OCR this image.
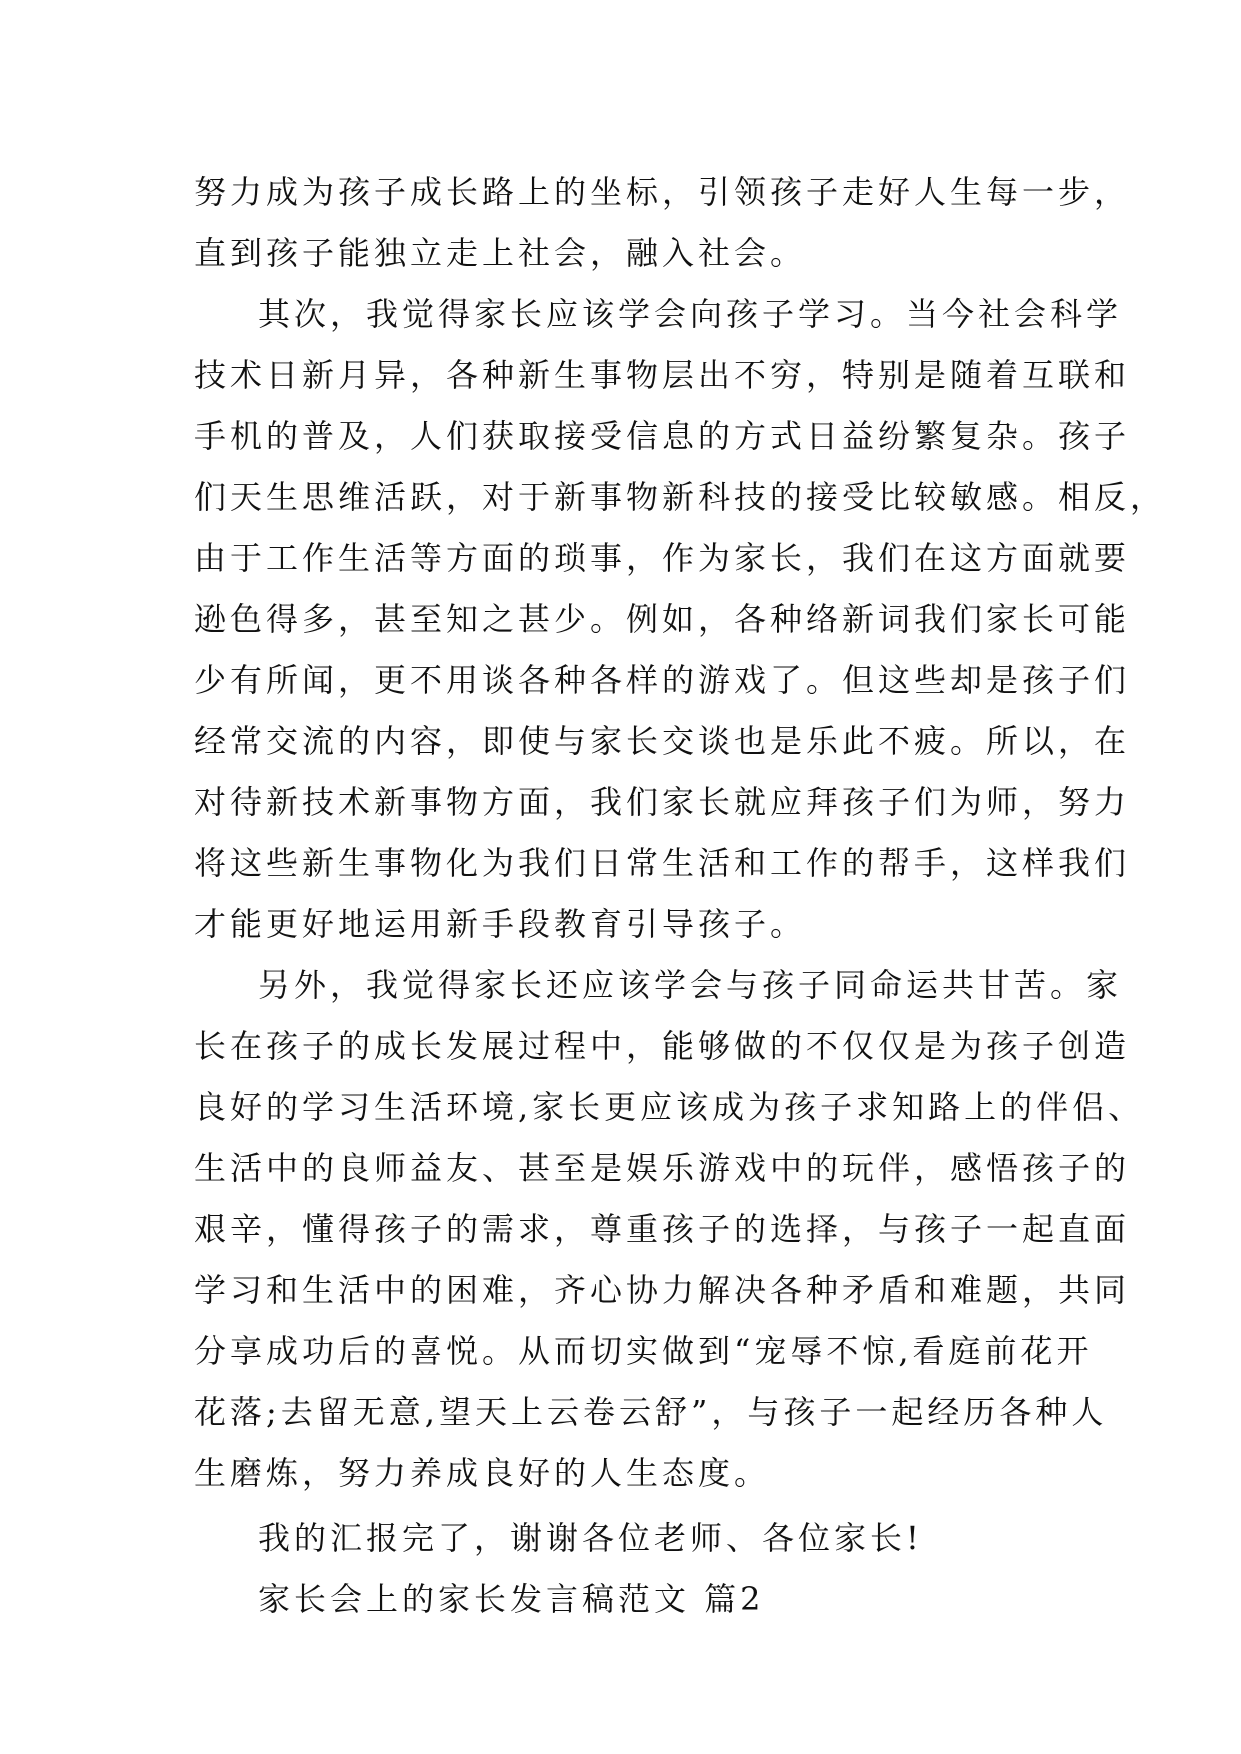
努力成为孩子成长路上的坐标，引领孩子走好人生每一步，
直到孩子能独立走上社会，融入社会。
其次，我觉得家长应该学会向孩子学习。当今社会科学
技术日新月异，各种新生事物层出不穷，特别是随着互联和
手机的普及，人们获取接受信息的方式日益纷繁复杂。孩子
们天生思维活跃，对于新事物新科技的接受比较敏感。相反，
由于工作生活等方面的琐事，作为家长，我们在这方面就要
逊色得多，甚至知之甚少。例如，各种络新词我们家长可能
少有所闻，更不用谈各种各样的游戏了。但这些却是孩子们
经常交流的内容，即使与家长交谈也是乐此不疲。所以，在
对待新技术新事物方面，我们家长就应拜孩子们为师，努力
将这些新生事物化为我们日常生活和工作的帮手，这样我们
才能更好地运用新手段教育引导孩子。
另外，我觉得家长还应该学会与孩子同命运共甘苦。家
长在孩子的成长发展过程中，能够做的不仅仅是为孩子创造
良好的学习生活环境,家长更应该成为孩子求知路上的伴侣、
生活中的良师益友、甚至是娱乐游戏中的玩伴，感悟孩子的
艰辛，懂得孩子的需求，尊重孩子的选择，与孩子一起直面
学习和生活中的困难，齐心协力解决各种矛盾和难题，共同
分享成功后的喜悦。从而切实做到“宠辱不惊,看庭前花开
花落;去留无意,望天上云卷云舒”，与孩子一起经历各种人
生磨炼，努力养成良好的人生态度。
我的汇报完了，谢谢各位老师、各位家长!
家长会上的家长发言稿范文 篇2
